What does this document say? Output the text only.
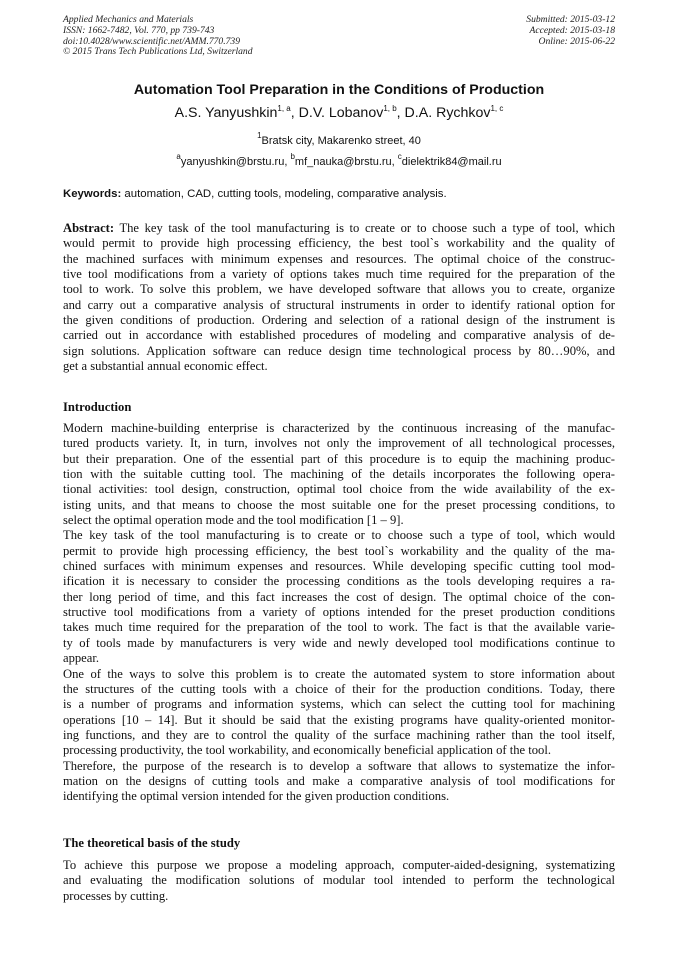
Applied Mechanics and Materials
ISSN: 1662-7482, Vol. 770, pp 739-743
doi:10.4028/www.scientific.net/AMM.770.739
© 2015 Trans Tech Publications Ltd, Switzerland
Submitted: 2015-03-12
Accepted: 2015-03-18
Online: 2015-06-22
Automation Tool Preparation in the Conditions of Production
A.S. Yanyushkin$^{1, a}$, D.V. Lobanov$^{1, b}$, D.A. Rychkov$^{1, c}$
$^1$Bratsk city, Makarenko street, 40
$^a$yanyushkin@brstu.ru, $^b$mf_nauka@brstu.ru, $^c$dielektrik84@mail.ru
Keywords: automation, CAD, cutting tools, modeling, comparative analysis.
Abstract: The key task of the tool manufacturing is to create or to choose such a type of tool, which
would permit to provide high processing efficiency, the best tool`s workability and the quality of
the machined surfaces with minimum expenses and resources. The optimal choice of the construc-
tive tool modifications from a variety of options takes much time required for the preparation of the
tool to work. To solve this problem, we have developed software that allows you to create, organize
and carry out a comparative analysis of structural instruments in order to identify rational option for
the given conditions of production. Ordering and selection of a rational design of the instrument is
carried out in accordance with established procedures of modeling and comparative analysis of de-
sign solutions. Application software can reduce design time technological process by 80…90%, and
get a substantial annual economic effect.
Introduction
Modern machine-building enterprise is characterized by the continuous increasing of the manufac-
tured products variety. It, in turn, involves not only the improvement of all technological processes,
but their preparation. One of the essential part of this procedure is to equip the machining produc-
tion with the suitable cutting tool. The machining of the details incorporates the following opera-
tional activities: tool design, construction, optimal tool choice from the wide availability of the ex-
isting units, and that means to choose the most suitable one for the preset processing conditions, to
select the optimal operation mode and the tool modification [1 – 9].
The key task of the tool manufacturing is to create or to choose such a type of tool, which would
permit to provide high processing efficiency, the best tool`s workability and the quality of the ma-
chined surfaces with minimum expenses and resources. While developing specific cutting tool mod-
ification it is necessary to consider the processing conditions as the tools developing requires a ra-
ther long period of time, and this fact increases the cost of design. The optimal choice of the con-
structive tool modifications from a variety of options intended for the preset production conditions
takes much time required for the preparation of the tool to work. The fact is that the available varie-
ty of tools made by manufacturers is very wide and newly developed tool modifications continue to
appear.
One of the ways to solve this problem is to create the automated system to store information about
the structures of the cutting tools with a choice of their for the production conditions. Today, there
is a number of programs and information systems, which can select the cutting tool for machining
operations [10 – 14]. But it should be said that the existing programs have quality-oriented monitor-
ing functions, and they are to control the quality of the surface machining rather than the tool itself,
processing productivity, the tool workability, and economically beneficial application of the tool.
Therefore, the purpose of the research is to develop a software that allows to systematize the infor-
mation on the designs of cutting tools and make a comparative analysis of tool modifications for
identifying the optimal version intended for the given production conditions.
The theoretical basis of the study
To achieve this purpose we propose a modeling approach, computer-aided-designing, systematizing
and evaluating the modification solutions of modular tool intended to perform the technological
processes by cutting.
